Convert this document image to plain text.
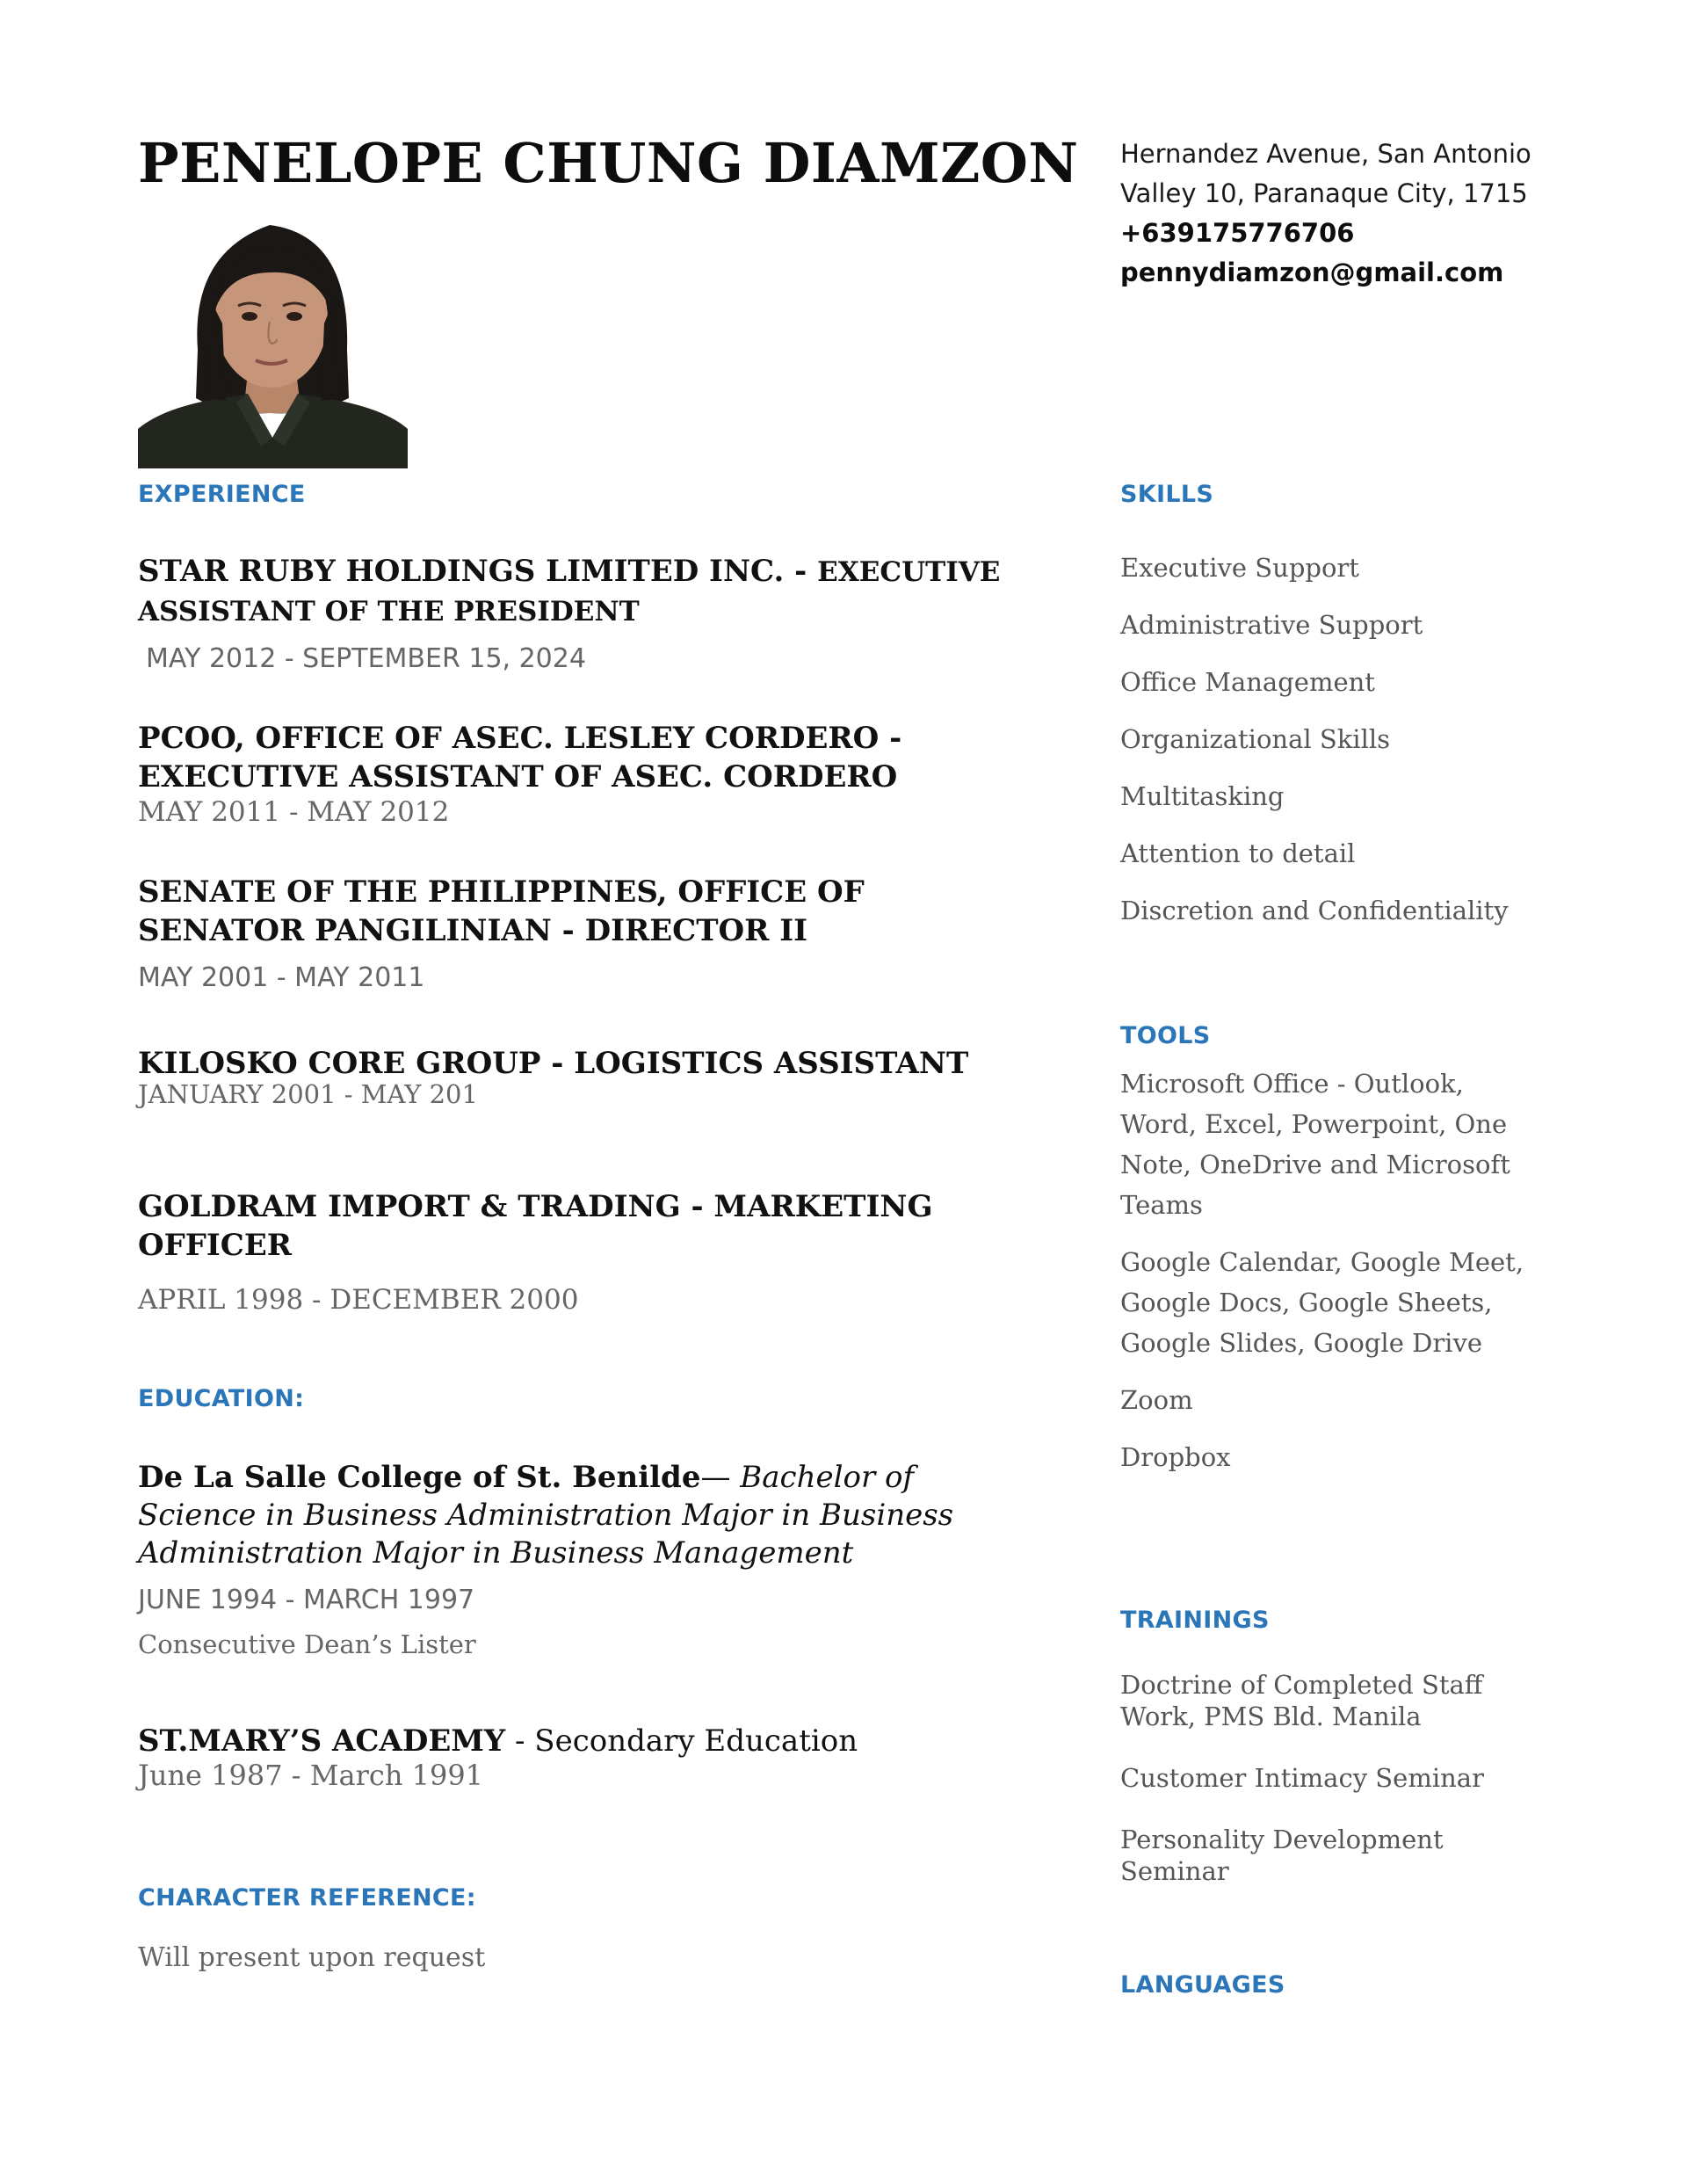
PENELOPE CHUNG DIAMZON Hernandez Avenue, San Antonio
Valley 10, Paranaque City, 1715
+639175776706
pennydiamzon@gmail.com
EXPERIENCE
STAR RUBY HOLDINGS LIMITED INC. - EXECUTIVE ASSISTANT OF THE PRESIDENT
MAY 2012 - SEPTEMBER 15, 2024
PCOO, OFFICE OF ASEC. LESLEY CORDERO - EXECUTIVE ASSISTANT OF ASEC. CORDERO
MAY 2011 - MAY 2012
SENATE OF THE PHILIPPINES, OFFICE OF SENATOR PANGILINIAN - DIRECTOR II
MAY 2001 - MAY 2011
KILOSKO CORE GROUP - LOGISTICS ASSISTANT
JANUARY 2001 - MAY 201
GOLDRAM IMPORT & TRADING - MARKETING OFFICER
APRIL 1998 - DECEMBER 2000
EDUCATION:
De La Salle College of St. Benilde— Bachelor of Science in Business Administration Major in Business Administration Major in Business Management
JUNE 1994 - MARCH 1997
Consecutive Dean’s Lister
ST.MARY’S ACADEMY - Secondary Education
June 1987 - March 1991
CHARACTER REFERENCE:
Will present upon request
SKILLS
Executive Support
Administrative Support
Office Management
Organizational Skills
Multitasking
Attention to detail
Discretion and Confidentiality
TOOLS

Microsoft Office - Outlook, Word, Excel, Powerpoint, One Note, OneDrive and Microsoft Teams

Google Calendar, Google Meet, Google Docs, Google Sheets, Google Slides, Google Drive

Zoom

Dropbox

TRAININGS

Doctrine of Completed Staff Work, PMS Bld. Manila

Customer Intimacy Seminar

Personality Development Seminar

LANGUAGES
